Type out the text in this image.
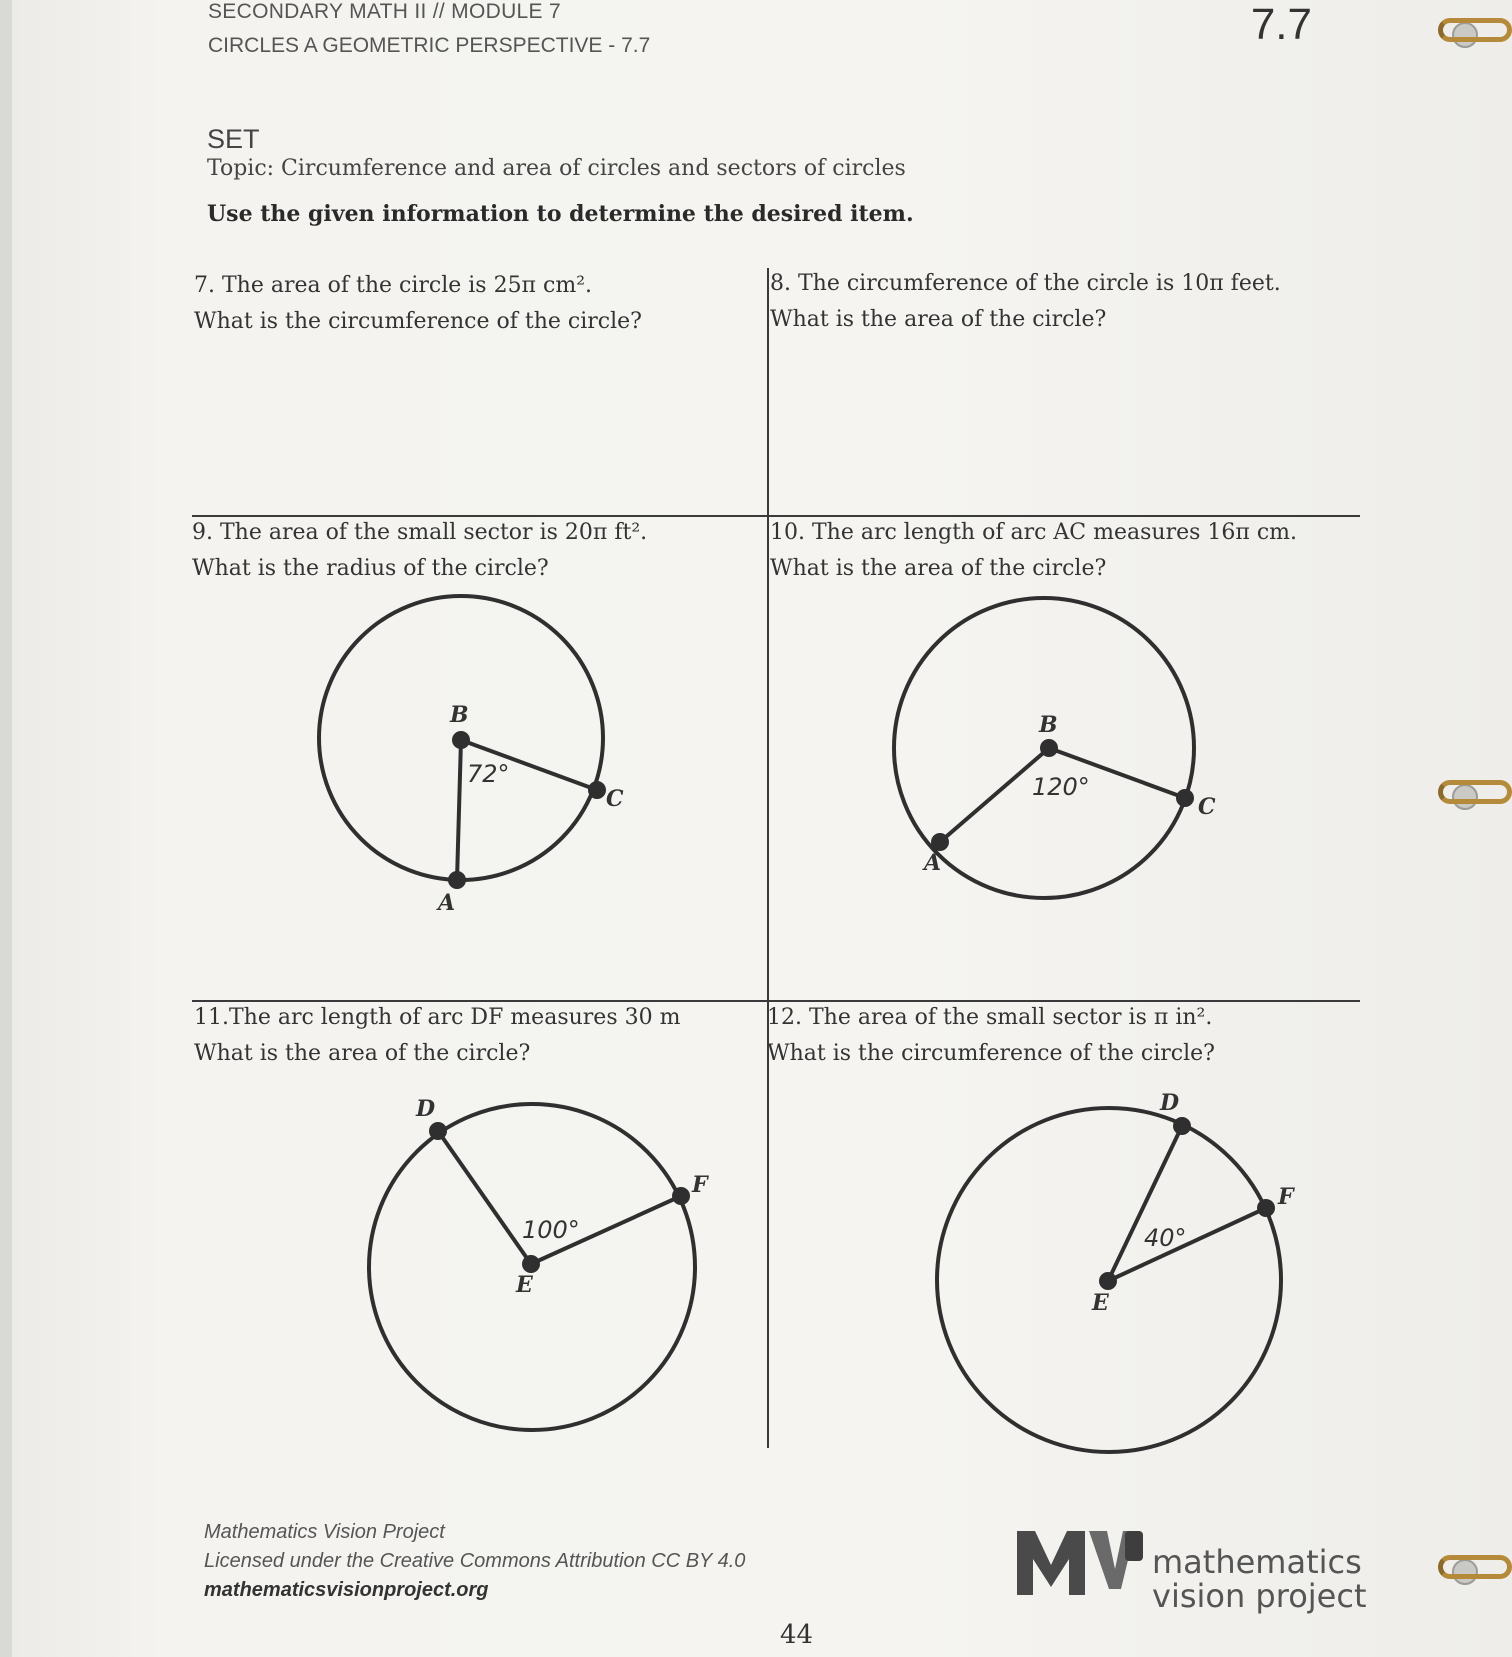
SECONDARY MATH II // MODULE 7
CIRCLES A GEOMETRIC PERSPECTIVE - 7.7	7.7
SET
Topic: Circumference and area of circles and sectors of circles
Use the given information to determine the desired item.
7. The area of the circle is 25π cm².
What is the circumference of the circle?
8. The circumference of the circle is 10π feet.
What is the area of the circle?
9. The area of the small sector is 20π ft².
What is the radius of the circle?
10. The arc length of arc AC measures 16π cm.
What is the area of the circle?
11.The arc length of arc DF measures 30 m
What is the area of the circle?
12. The area of the small sector is π in².
What is the circumference of the circle?
B
A
C
72°
B
A
C
120°
E
D
F
100°
E
D
F
40°
Mathematics Vision Project
Licensed under the Creative Commons Attribution CC BY 4.0
mathematicsvisionproject.org
44
mathematics
vision project
